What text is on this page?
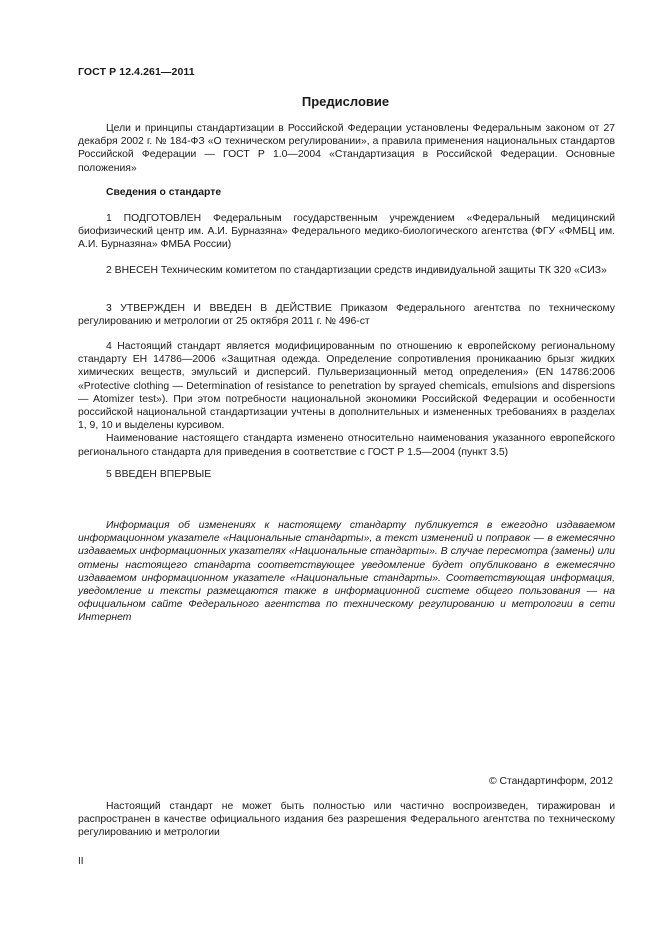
ГОСТ Р 12.4.261—2011
Предисловие

Цели и принципы стандартизации в Российской Федерации установлены Федеральным законом от 27 декабря 2002 г. № 184-ФЗ «О техническом регулировании», а правила применения национальных стандартов Российской Федерации — ГОСТ Р 1.0—2004 «Стандартизация в Российской Федерации. Основные положения»

Сведения о стандарте

1 ПОДГОТОВЛЕН Федеральным государственным учреждением «Федеральный медицинский биофизический центр им. А.И. Бурназяна» Федерального медико-биологического агентства (ФГУ «ФМБЦ им. А.И. Бурназяна» ФМБА России)

2 ВНЕСЕН Техническим комитетом по стандартизации средств индивидуальной защиты ТК 320 «СИЗ»

3 УТВЕРЖДЕН И ВВЕДЕН В ДЕЙСТВИЕ Приказом Федерального агентства по техническому регулированию и метрологии от 25 октября 2011 г. № 496-ст

4 Настоящий стандарт является модифицированным по отношению к европейскому региональному стандарту ЕН 14786—2006 «Защитная одежда. Определение сопротивления проникаанию брызг жидких химических веществ, эмульсий и дисперсий. Пульверизационный метод определения» (EN 14786:2006 «Protective clothing — Determination of resistance to penetration by sprayed chemicals, emulsions and dispersions — Atomizer test»). При этом потребности национальной экономики Российской Федерации и особенности российской национальной стандартизации учтены в дополнительных и измененных требованиях в разделах 1, 9, 10 и выделены курсивом.

Наименование настоящего стандарта изменено относительно наименования указанного европейского регионального стандарта для приведения в соответствие с ГОСТ Р 1.5—2004 (пункт 3.5)

5 ВВЕДЕН ВПЕРВЫЕ

Информация об изменениях к настоящему стандарту публикуется в ежегодно издаваемом информационном указателе «Национальные стандарты», а текст изменений и поправок — в ежемесячно издаваемых информационных указателях «Национальные стандарты». В случае пересмотра (замены) или отмены настоящего стандарта соответствующее уведомление будет опубликовано в ежемесячно издаваемом информационном указателе «Национальные стандарты». Соответствующая информация, уведомление и тексты размещаются также в информационной системе общего пользования — на официальном сайте Федерального агентства по техническому регулированию и метрологии в сети Интернет

© Стандартинформ, 2012

Настоящий стандарт не может быть полностью или частично воспроизведен, тиражирован и распространен в качестве официального издания без разрешения Федерального агентства по техническому регулированию и метрологии

II
